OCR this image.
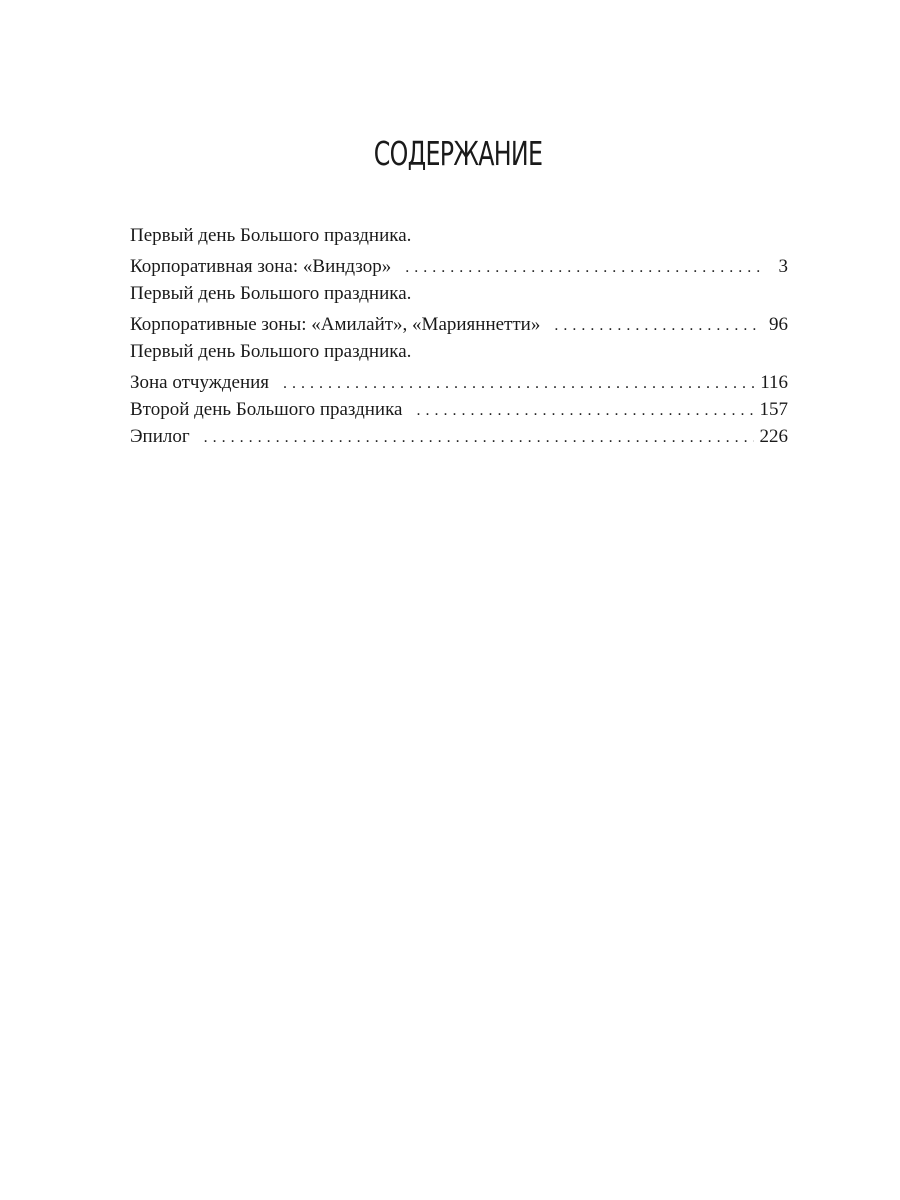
СОДЕРЖАНИЕ
Первый день Большого праздника.
Корпоративная зона: «Виндзор» . . .	3
Первый день Большого праздника.
Корпоративные зоны: «Амилайт», «Марияннетти» . . .	96
Первый день Большого праздника.
Зона отчуждения . . .	116
Второй день Большого праздника . . .	157
Эпилог . . .	226
